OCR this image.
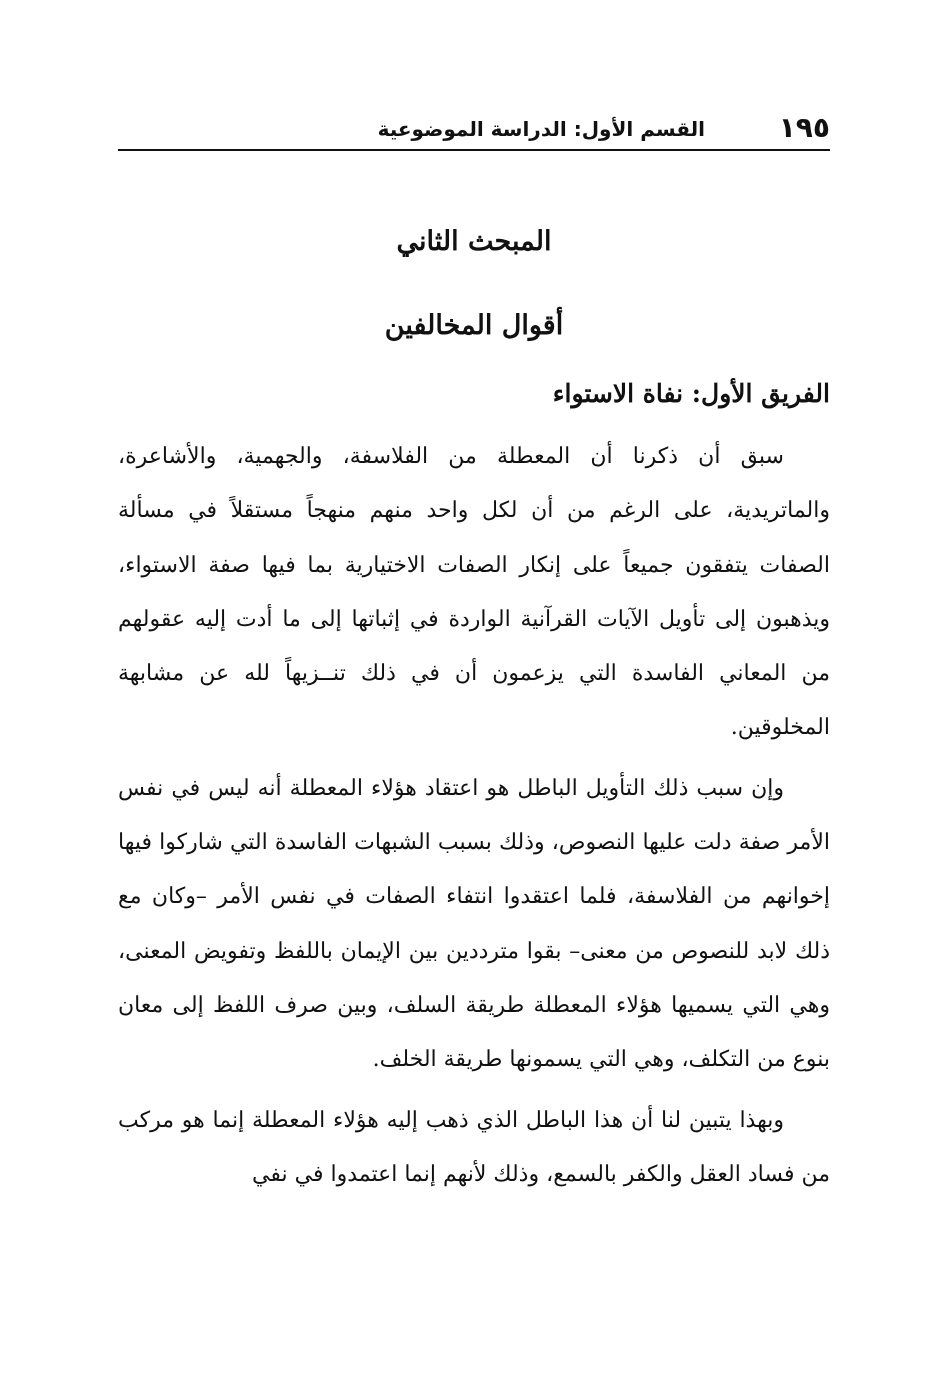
١٩٥
القسم الأول: الدراسة الموضوعية
المبحث الثاني
أقوال المخالفين
الفريق الأول: نفاة الاستواء

سبق أن ذكرنا أن المعطلة من الفلاسفة، والجهمية، والأشاعرة، والماتريدية، على الرغم من أن لكل واحد منهم منهجاً مستقلاً في مسألة الصفات يتفقون جميعاً على إنكار الصفات الاختيارية بما فيها صفة الاستواء، ويذهبون إلى تأويل الآيات القرآنية الواردة في إثباتها إلى ما أدت إليه عقولهم من المعاني الفاسدة التي يزعمون أن في ذلك تنــزيهاً لله عن مشابهة المخلوقين.

وإن سبب ذلك التأويل الباطل هو اعتقاد هؤلاء المعطلة أنه ليس في نفس الأمر صفة دلت عليها النصوص، وذلك بسبب الشبهات الفاسدة التي شاركوا فيها إخوانهم من الفلاسفة، فلما اعتقدوا انتفاء الصفات في نفس الأمر –وكان مع ذلك لابد للنصوص من معنى– بقوا مترددين بين الإيمان باللفظ وتفويض المعنى، وهي التي يسميها هؤلاء المعطلة طريقة السلف، وبين صرف اللفظ إلى معان بنوع من التكلف، وهي التي يسمونها طريقة الخلف.

وبهذا يتبين لنا أن هذا الباطل الذي ذهب إليه هؤلاء المعطلة إنما هو مركب من فساد العقل والكفر بالسمع، وذلك لأنهم إنما اعتمدوا في نفي
